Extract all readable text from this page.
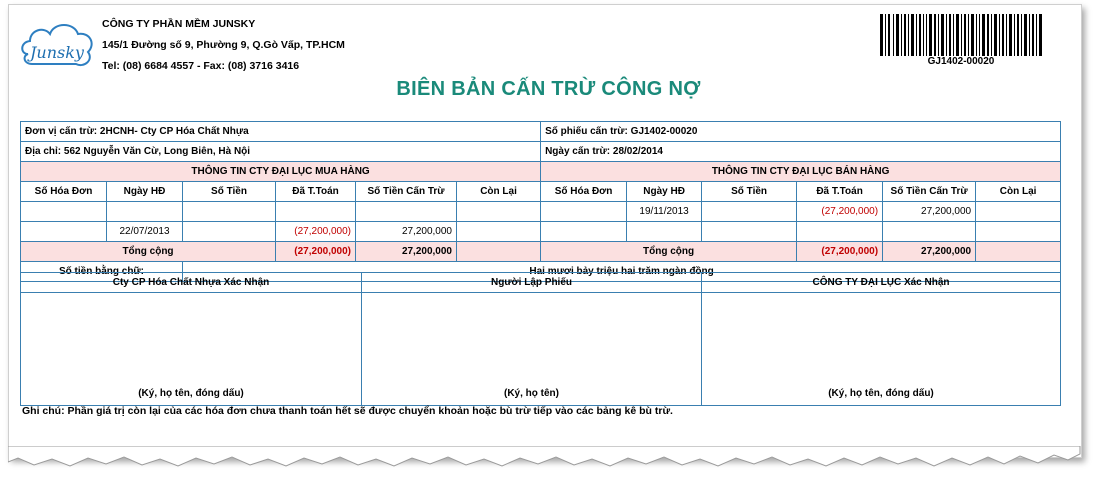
Junsky
CÔNG TY PHẦN MỀM JUNSKY
145/1 Đường số 9, Phường 9, Q.Gò Vấp, TP.HCM
Tel: (08) 6684 4557 - Fax: (08) 3716 3416	GJ1402-00020
BIÊN BẢN CẤN TRỪ CÔNG NỢ
Đơn vị cấn trừ: 2HCNH- Cty CP Hóa Chất Nhựa						Số phiếu cấn trừ: GJ1402-00020					
Địa chỉ: 562 Nguyễn Văn Cừ, Long Biên, Hà Nội						Ngày cấn trừ: 28/02/2014					
THÔNG TIN CTY ĐẠI LỤC MUA HÀNG						THÔNG TIN CTY ĐẠI LỤC BÁN HÀNG					
Số Hóa Đơn	Ngày HĐ	Số Tiền	Đã T.Toán	Số Tiền Cấn Trừ	Còn Lại	Số Hóa Đơn	Ngày HĐ	Số Tiền	Đã T.Toán	Số Tiền Cấn Trừ	Còn Lại
							19/11/2013		(27,200,000)	27,200,000	
	22/07/2013		(27,200,000)	27,200,000							
Tổng cộng			(27,200,000)	27,200,000		Tổng cộng			(27,200,000)	27,200,000	
Số tiền bằng chữ:		Hai mươi bảy triệu hai trăm ngàn đồng									
Cty CP Hóa Chất Nhựa Xác Nhận	Người Lập Phiếu	CÔNG TY ĐẠI LỤC Xác Nhận
(Ký, họ tên, đóng dấu)	(Ký, họ tên)	(Ký, họ tên, đóng dấu)
Ghi chú: Phần giá trị còn lại của các hóa đơn chưa thanh toán hết sẽ được chuyển khoản hoặc bù trừ tiếp vào các bảng kê bù trừ.
